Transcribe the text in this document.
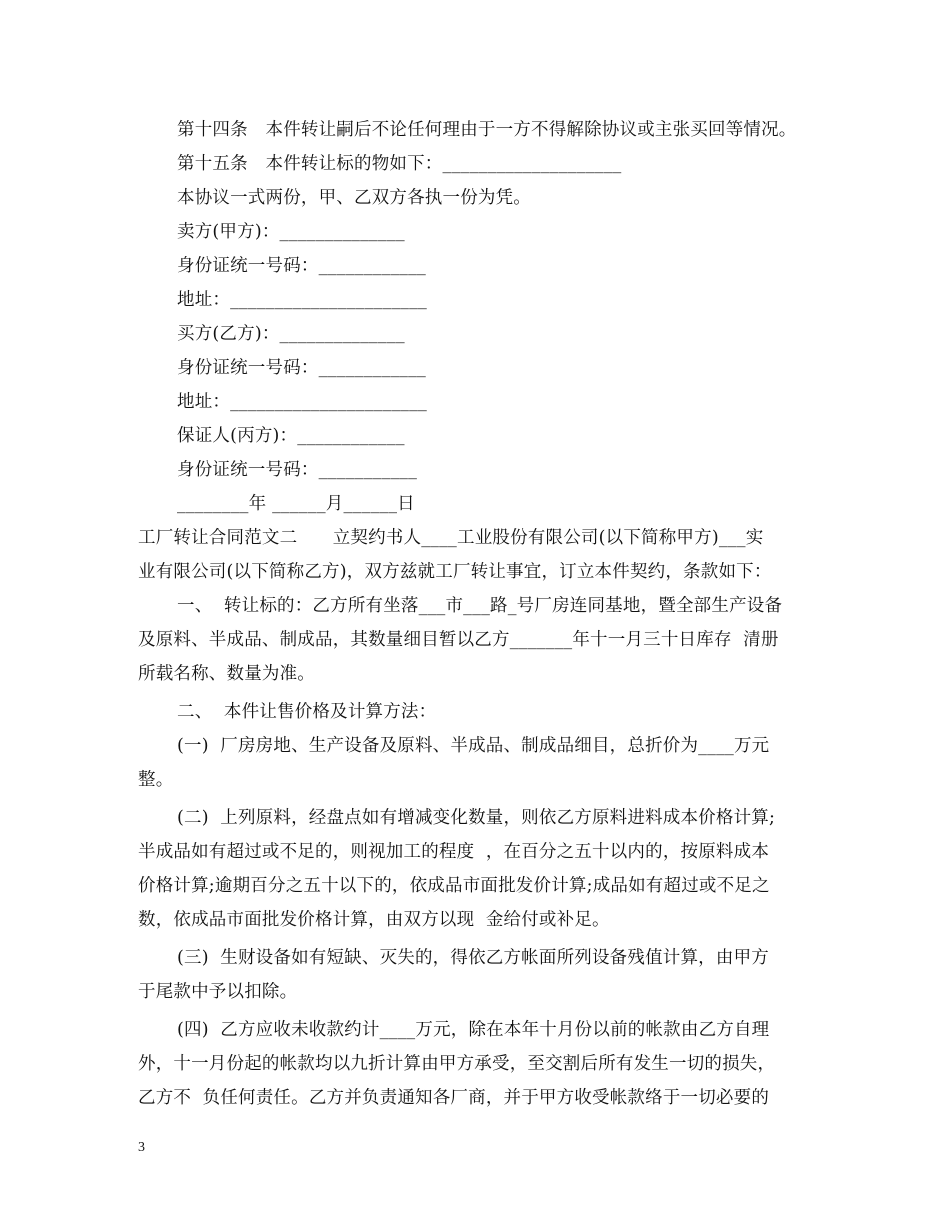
第十四条　本件转让嗣后不论任何理由于一方不得解除协议或主张买回等情况。
第十五条　本件转让标的物如下：____________________
本协议一式两份，甲、乙双方各执一份为凭。
卖方(甲方)：______________
身份证统一号码：____________
地址：______________________
买方(乙方)：______________
身份证统一号码：____________
地址：______________________
保证人(丙方)：____________
身份证统一号码：___________
________年 ______月______日
工厂转让合同范文二　　立契约书人____工业股份有限公司(以下简称甲方)___实
业有限公司(以下简称乙方)，双方兹就工厂转让事宜，订立本件契约，条款如下：
一、  转让标的：乙方所有坐落___市___路_号厂房连同基地，暨全部生产设备
及原料、半成品、制成品，其数量细目暂以乙方_______年十一月三十日库存  清册
所载名称、数量为准。
二、  本件让售价格及计算方法：
(一)  厂房房地、生产设备及原料、半成品、制成品细目，总折价为____万元
整。
(二)  上列原料，经盘点如有增减变化数量，则依乙方原料进料成本价格计算;
半成品如有超过或不足的，则视加工的程度  ，在百分之五十以内的，按原料成本
价格计算;逾期百分之五十以下的，依成品市面批发价计算;成品如有超过或不足之
数，依成品市面批发价格计算，由双方以现  金给付或补足。
(三)  生财设备如有短缺、灭失的，得依乙方帐面所列设备残值计算，由甲方
于尾款中予以扣除。
(四)  乙方应收未收款约计____万元，除在本年十月份以前的帐款由乙方自理
外，十一月份起的帐款均以九折计算由甲方承受，至交割后所有发生一切的损失，
乙方不  负任何责任。乙方并负责通知各厂商，并于甲方收受帐款络于一切必要的
3
